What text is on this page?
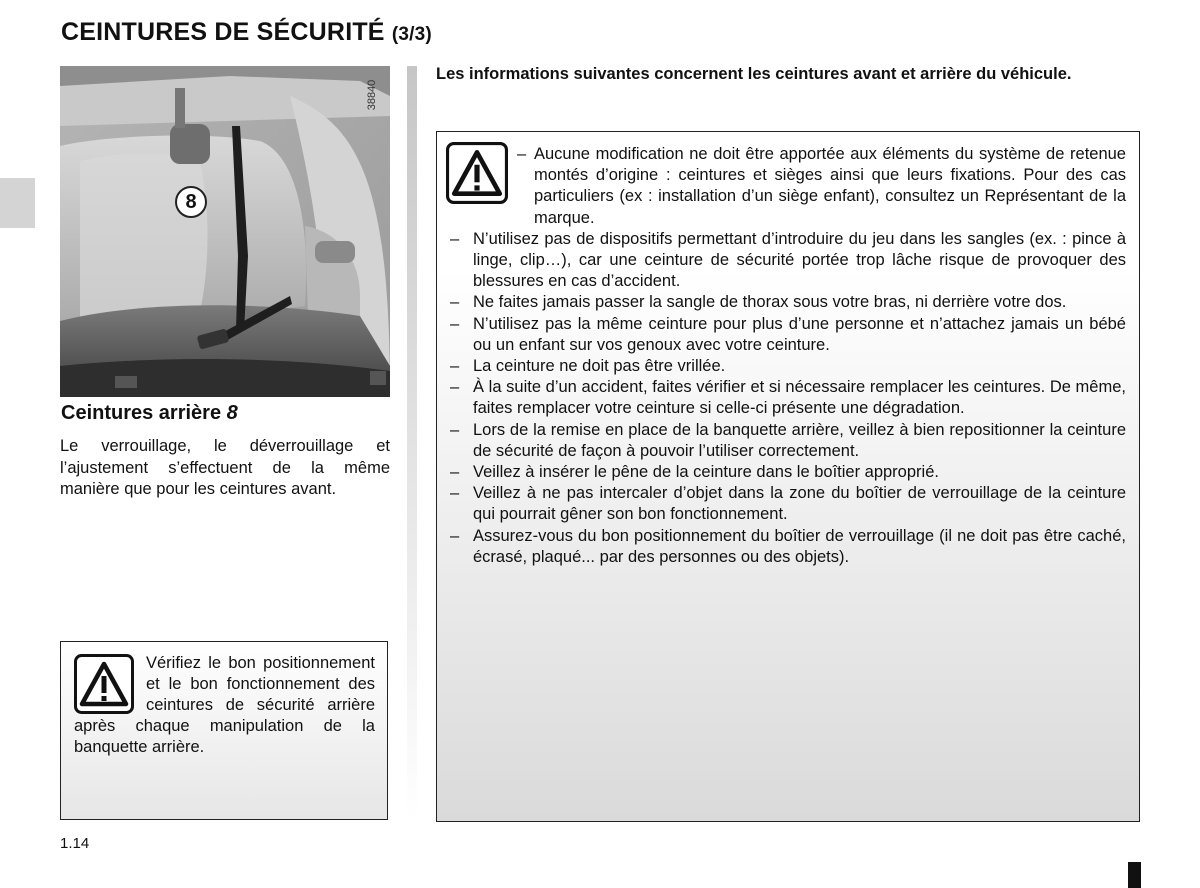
CEINTURES DE SÉCURITÉ (3/3)
38840
8
Ceintures arrière 8
Le verrouillage, le déverrouillage et l’ajustement s’effectuent de la même manière que pour les ceintures avant.

Vérifiez le bon positionnement et le bon fonctionnement des ceintures de sécurité arrière après chaque manipulation de la banquette arrière.

Les informations suivantes concernent les ceintures avant et arrière du véhicule.
– Aucune modification ne doit être apportée aux éléments du système de retenue montés d’origine : ceintures et sièges ainsi que leurs fixations. Pour des cas particuliers (ex : installation d’un siège enfant), consultez un Représentant de la marque.
– N’utilisez pas de dispositifs permettant d’introduire du jeu dans les sangles (ex. : pince à linge, clip…), car une ceinture de sécurité portée trop lâche risque de provoquer des blessures en cas d’accident.
– Ne faites jamais passer la sangle de thorax sous votre bras, ni derrière votre dos.
– N’utilisez pas la même ceinture pour plus d’une personne et n’attachez jamais un bébé ou un enfant sur vos genoux avec votre ceinture.
– La ceinture ne doit pas être vrillée.
– À la suite d’un accident, faites vérifier et si nécessaire remplacer les ceintures. De même, faites remplacer votre ceinture si celle-ci présente une dégradation.
– Lors de la remise en place de la banquette arrière, veillez à bien repositionner la ceinture de sécurité de façon à pouvoir l’utiliser correctement.
– Veillez à insérer le pêne de la ceinture dans le boîtier approprié.
– Veillez à ne pas intercaler d’objet dans la zone du boîtier de verrouillage de la ceinture qui pourrait gêner son bon fonctionnement.
– Assurez-vous du bon positionnement du boîtier de verrouillage (il ne doit pas être caché, écrasé, plaqué... par des personnes ou des objets).
1.14
